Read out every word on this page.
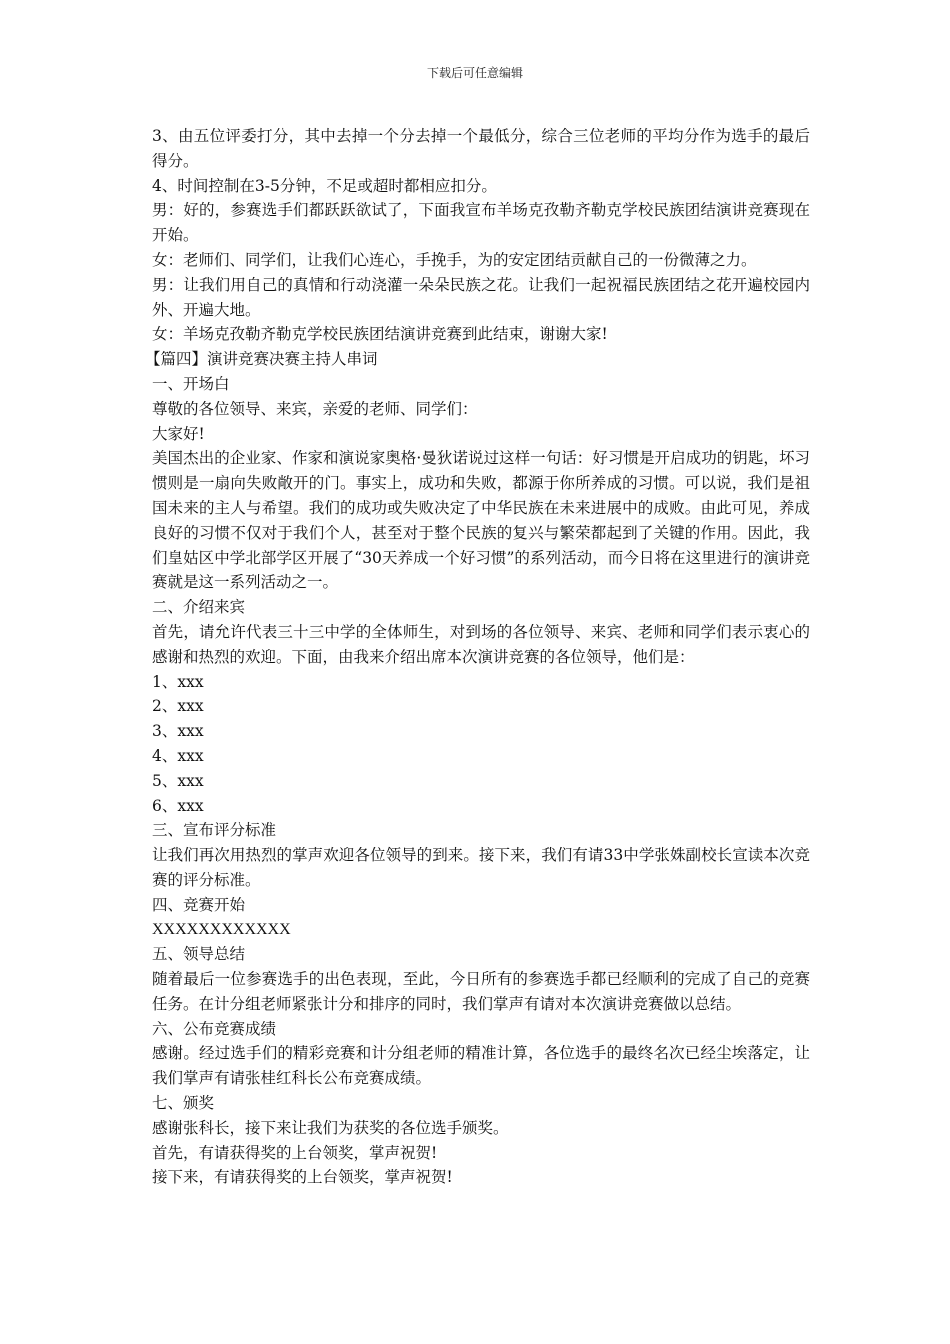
下载后可任意编辑

3、由五位评委打分，其中去掉一个分去掉一个最低分，综合三位老师的平均分作为选手的最后得分。

4、时间控制在3-5分钟，不足或超时都相应扣分。

男：好的，参赛选手们都跃跃欲试了，下面我宣布羊场克孜勒齐勒克学校民族团结演讲竞赛现在开始。

女：老师们、同学们，让我们心连心，手挽手，为的安定团结贡献自己的一份微薄之力。

男：让我们用自己的真情和行动浇灌一朵朵民族之花。让我们一起祝福民族团结之花开遍校园内外、开遍大地。

女：羊场克孜勒齐勒克学校民族团结演讲竞赛到此结束，谢谢大家!

【篇四】演讲竞赛决赛主持人串词

一、开场白

尊敬的各位领导、来宾，亲爱的老师、同学们：

大家好!

美国杰出的企业家、作家和演说家奥格·曼狄诺说过这样一句话：好习惯是开启成功的钥匙，坏习惯则是一扇向失败敞开的门。事实上，成功和失败，都源于你所养成的习惯。可以说，我们是祖国未来的主人与希望。我们的成功或失败决定了中华民族在未来进展中的成败。由此可见，养成良好的习惯不仅对于我们个人，甚至对于整个民族的复兴与繁荣都起到了关键的作用。因此，我们皇姑区中学北部学区开展了“30天养成一个好习惯”的系列活动，而今日将在这里进行的演讲竞赛就是这一系列活动之一。

二、介绍来宾

首先，请允许代表三十三中学的全体师生，对到场的各位领导、来宾、老师和同学们表示衷心的感谢和热烈的欢迎。下面，由我来介绍出席本次演讲竞赛的各位领导，他们是：

1、xxx

2、xxx

3、xxx

4、xxx

5、xxx

6、xxx

三、宣布评分标准

让我们再次用热烈的掌声欢迎各位领导的到来。接下来，我们有请33中学张姝副校长宣读本次竞赛的评分标准。

四、竞赛开始

XXXXXXXXXXXX

五、领导总结

随着最后一位参赛选手的出色表现，至此，今日所有的参赛选手都已经顺利的完成了自己的竞赛任务。在计分组老师紧张计分和排序的同时，我们掌声有请对本次演讲竞赛做以总结。

六、公布竞赛成绩

感谢。经过选手们的精彩竞赛和计分组老师的精准计算，各位选手的最终名次已经尘埃落定，让我们掌声有请张桂红科长公布竞赛成绩。

七、颁奖

感谢张科长，接下来让我们为获奖的各位选手颁奖。

首先，有请获得奖的上台领奖，掌声祝贺!

接下来，有请获得奖的上台领奖，掌声祝贺!
